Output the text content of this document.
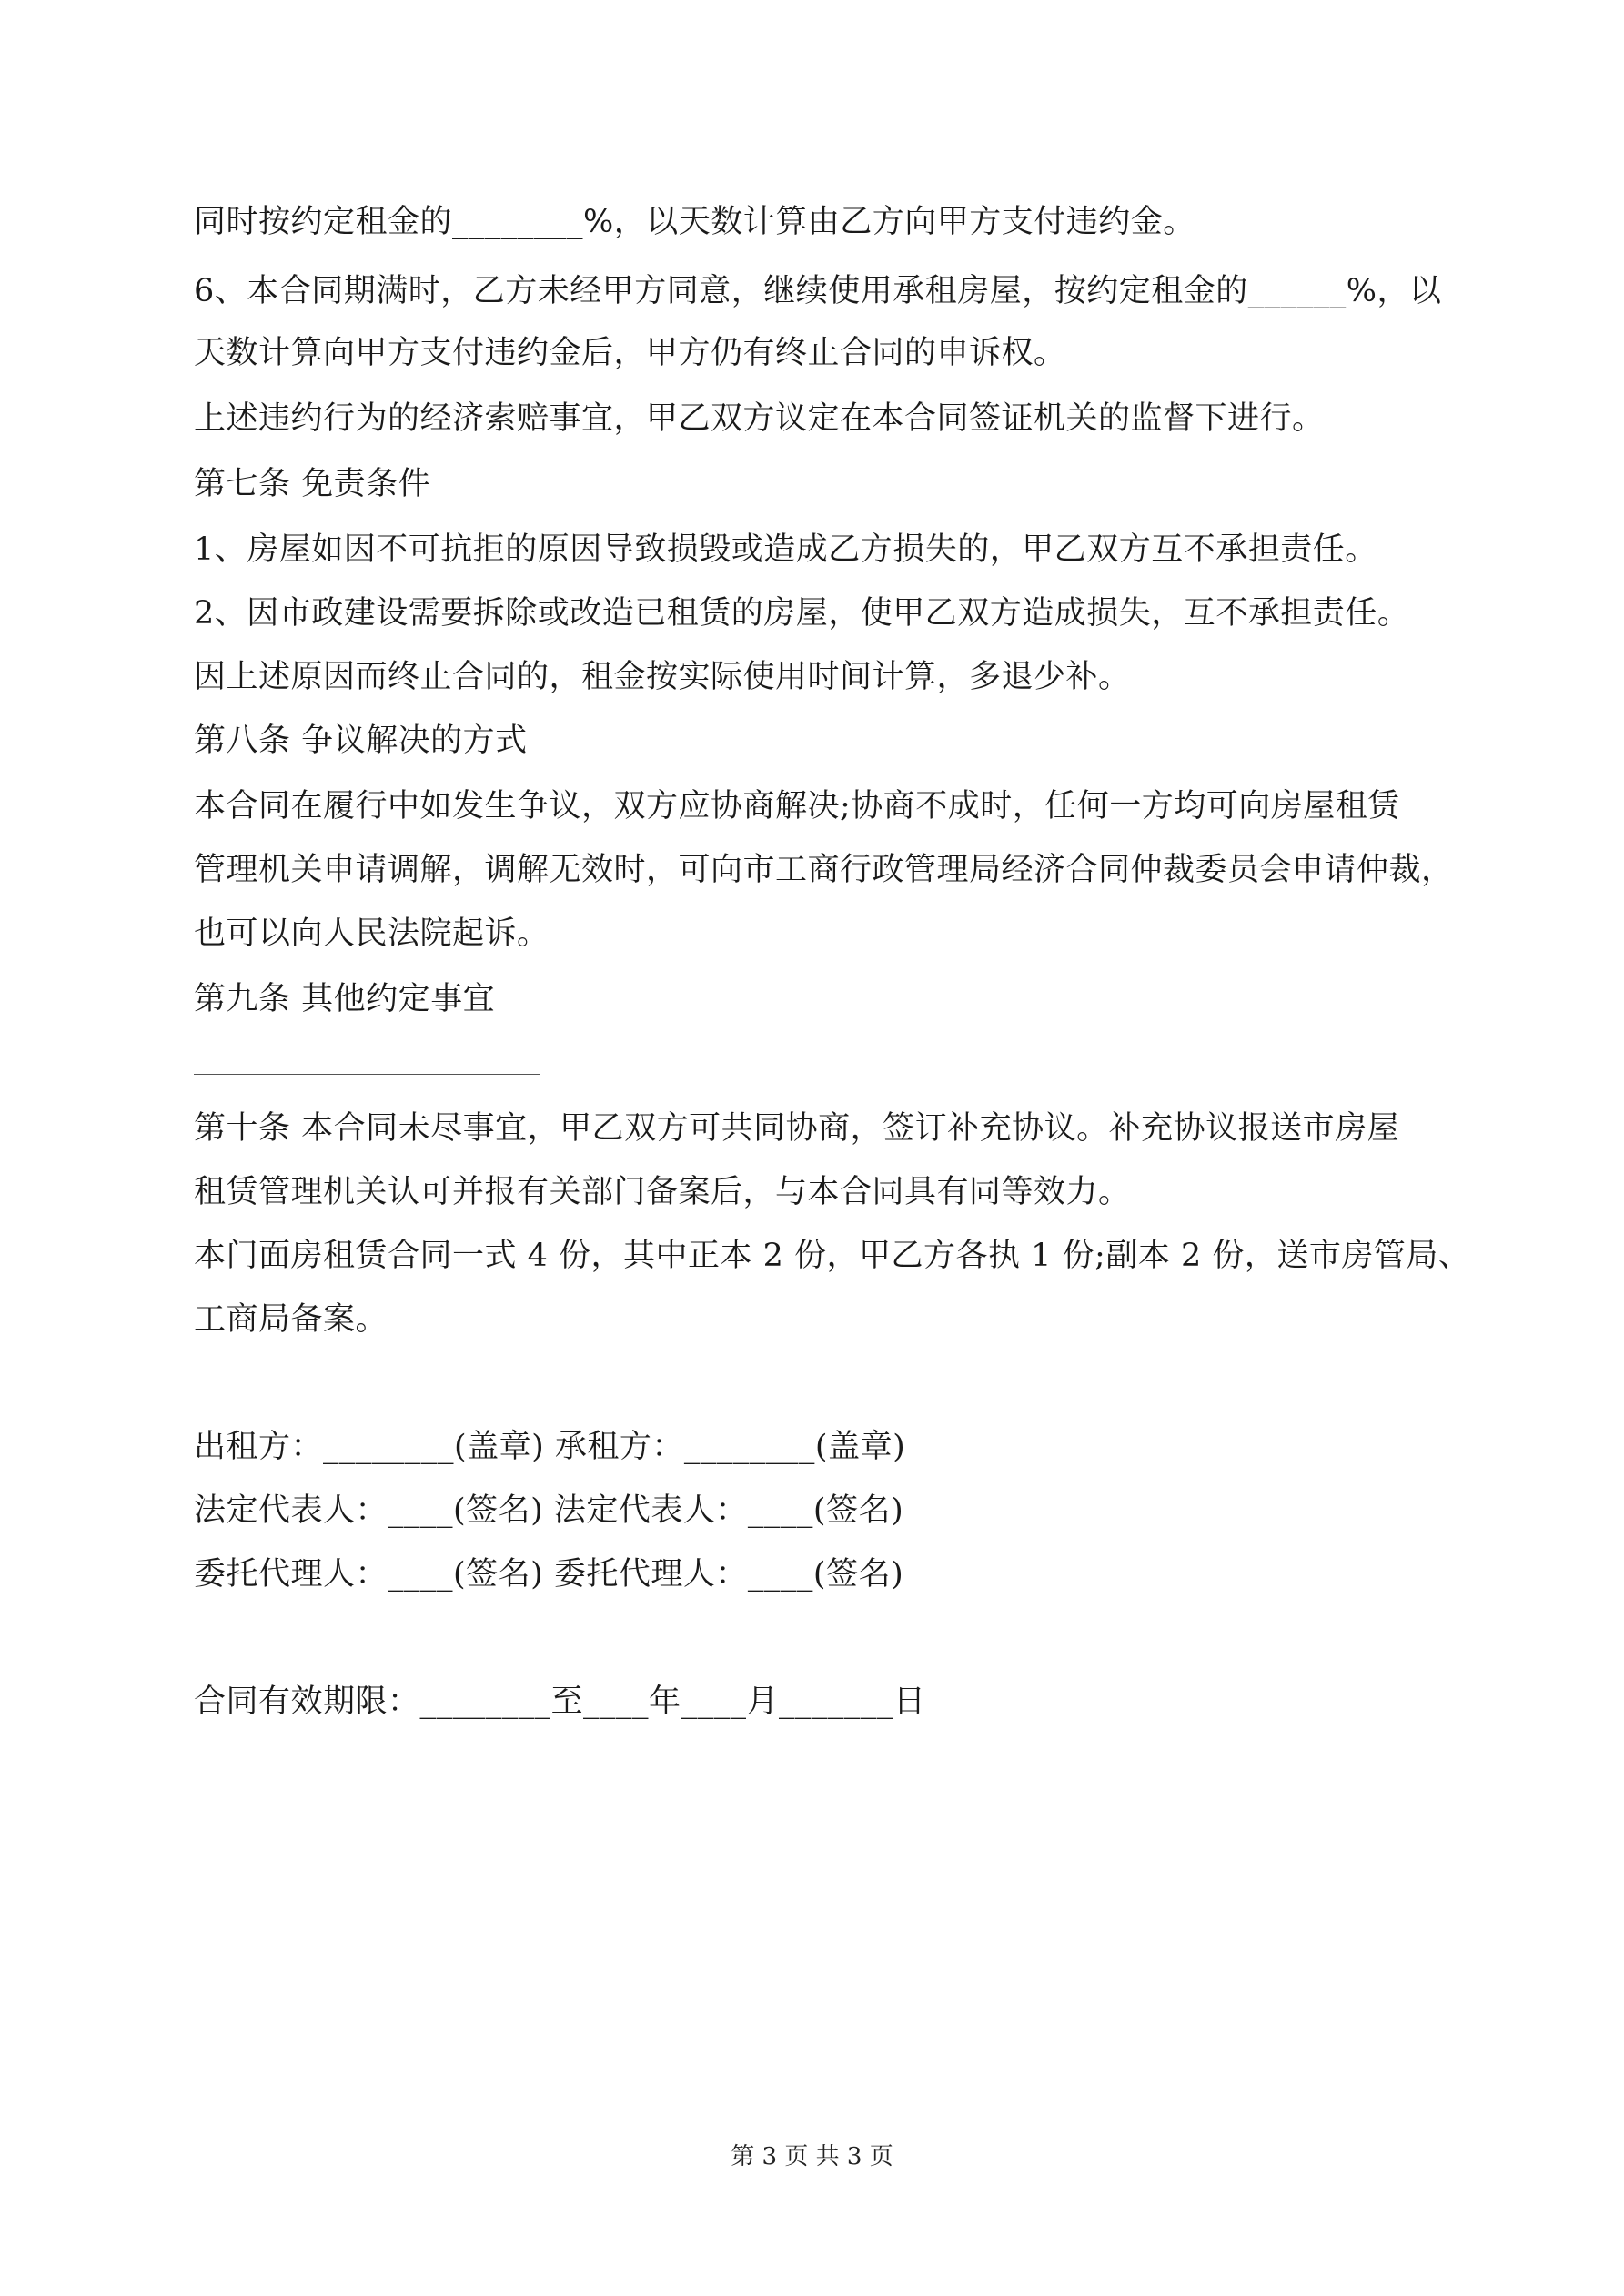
同时按约定租金的________%，以天数计算由乙方向甲方支付违约金。
6、本合同期满时，乙方未经甲方同意，继续使用承租房屋，按约定租金的______%，以
天数计算向甲方支付违约金后，甲方仍有终止合同的申诉权。
上述违约行为的经济索赔事宜，甲乙双方议定在本合同签证机关的监督下进行。
第七条 免责条件
1、房屋如因不可抗拒的原因导致损毁或造成乙方损失的，甲乙双方互不承担责任。
2、因市政建设需要拆除或改造已租赁的房屋，使甲乙双方造成损失，互不承担责任。
因上述原因而终止合同的，租金按实际使用时间计算，多退少补。
第八条 争议解决的方式
本合同在履行中如发生争议，双方应协商解决;协商不成时，任何一方均可向房屋租赁
管理机关申请调解，调解无效时，可向市工商行政管理局经济合同仲裁委员会申请仲裁，
也可以向人民法院起诉。
第九条 其他约定事宜
第十条 本合同未尽事宜，甲乙双方可共同协商，签订补充协议。补充协议报送市房屋
租赁管理机关认可并报有关部门备案后，与本合同具有同等效力。
本门面房租赁合同一式 4 份，其中正本 2 份，甲乙方各执 1 份;副本 2 份，送市房管局、
工商局备案。
出租方：________(盖章) 承租方：________(盖章)
法定代表人：____(签名) 法定代表人：____(签名)
委托代理人：____(签名) 委托代理人：____(签名)
合同有效期限：________至____年____月_______日
第 3 页 共 3 页
